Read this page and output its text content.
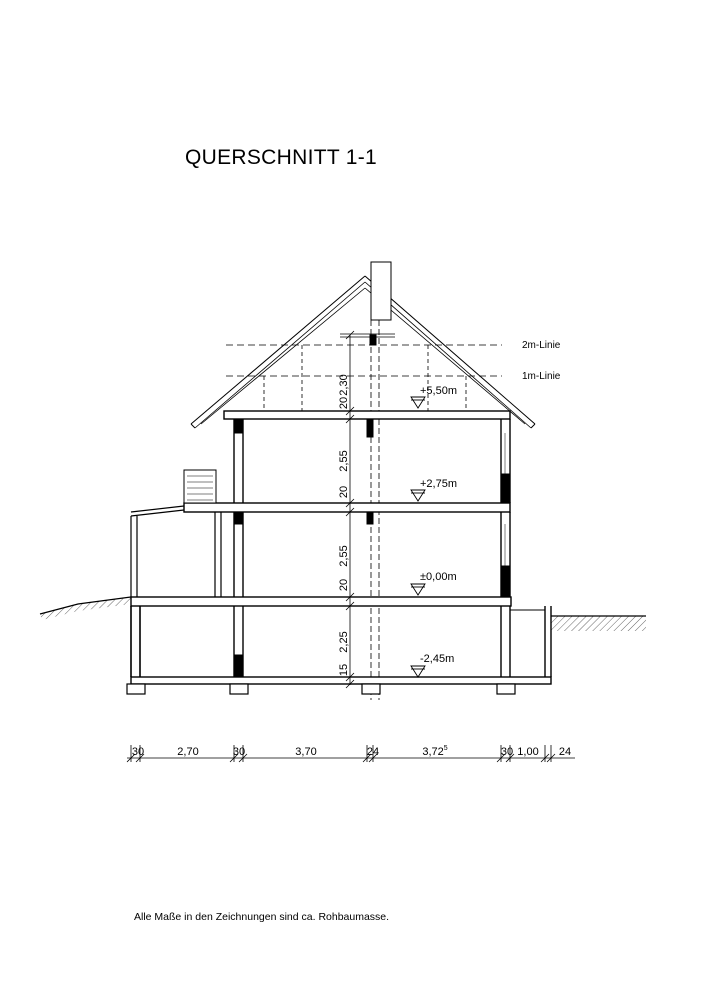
QUERSCHNITT 1-1
2m-Linie
1m-Linie
+5,50m
+2,75m
±0,00m
-2,45m
2,30
20
2,55
20
2,55
20
2,25
15
30	2,70	30	3,70	24	3,72$^5$	30 1,00 24
Alle Maße in den Zeichnungen sind ca. Rohbaumasse.
